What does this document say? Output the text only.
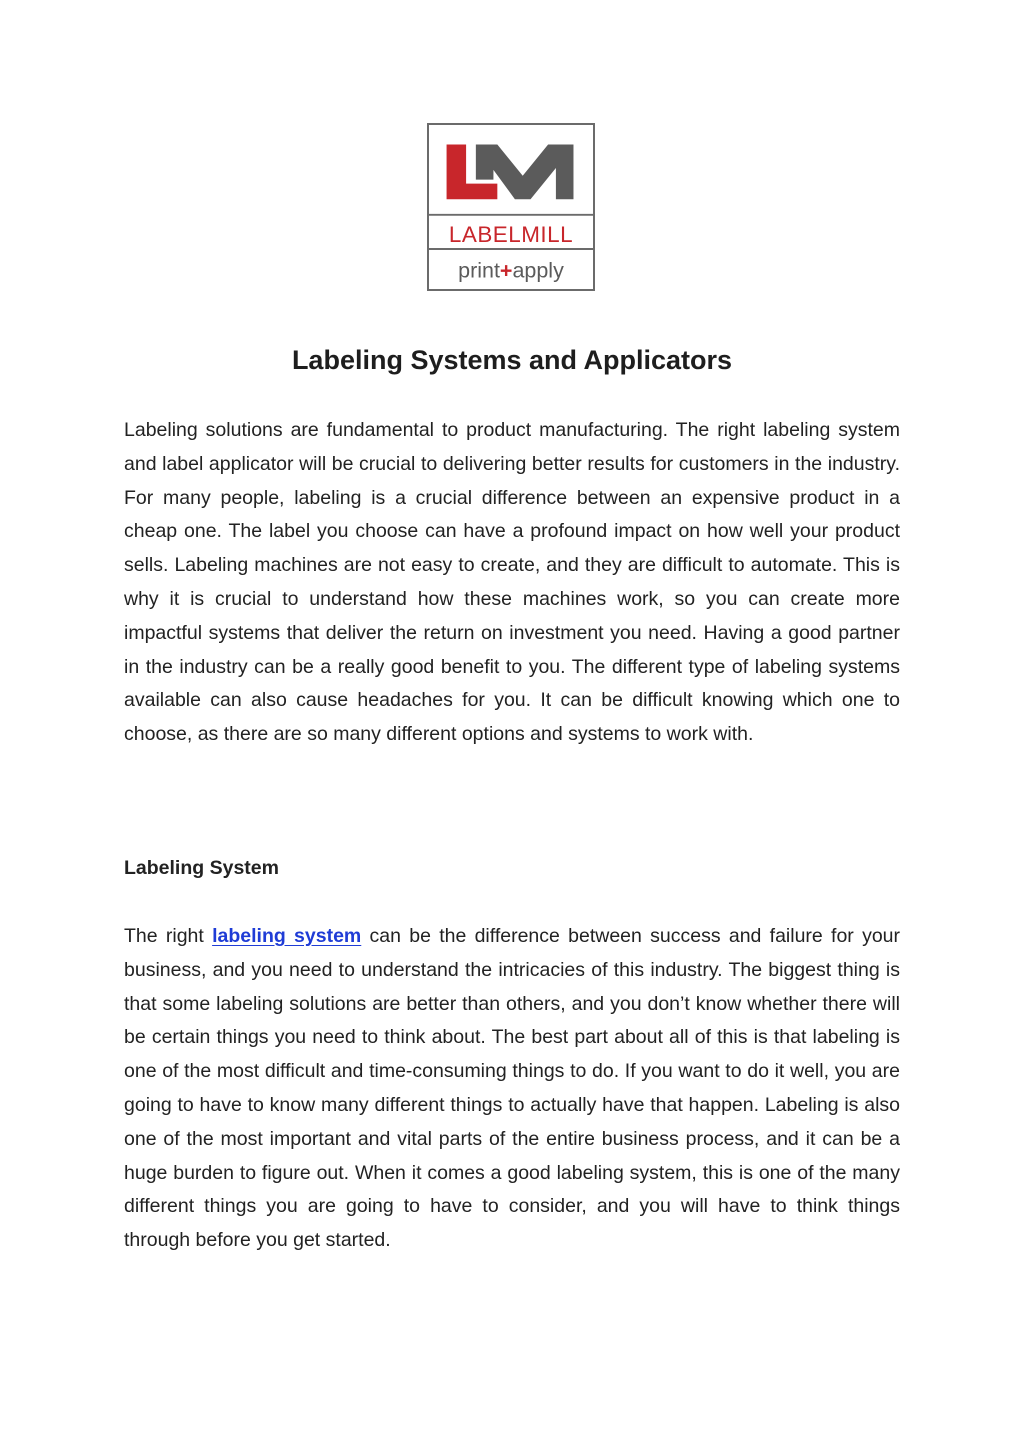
LABELMILL
print+apply
Labeling Systems and Applicators

Labeling solutions are fundamental to product manufacturing. The right labeling system and label applicator will be crucial to delivering better results for customers in the industry. For many people, labeling is a crucial difference between an expensive product in a cheap one. The label you choose can have a profound impact on how well your product sells. Labeling machines are not easy to create, and they are difficult to automate. This is why it is crucial to understand how these machines work, so you can create more impactful systems that deliver the return on investment you need. Having a good partner in the industry can be a really good benefit to you. The different type of labeling systems available can also cause headaches for you. It can be difficult knowing which one to choose, as there are so many different options and systems to work with.

Labeling System

The right labeling system can be the difference between success and failure for your business, and you need to understand the intricacies of this industry. The biggest thing is that some labeling solutions are better than others, and you don’t know whether there will be certain things you need to think about. The best part about all of this is that labeling is one of the most difficult and time-consuming things to do. If you want to do it well, you are going to have to know many different things to actually have that happen. Labeling is also one of the most important and vital parts of the entire business process, and it can be a huge burden to figure out. When it comes a good labeling system, this is one of the many different things you are going to have to consider, and you will have to think things through before you get started.
